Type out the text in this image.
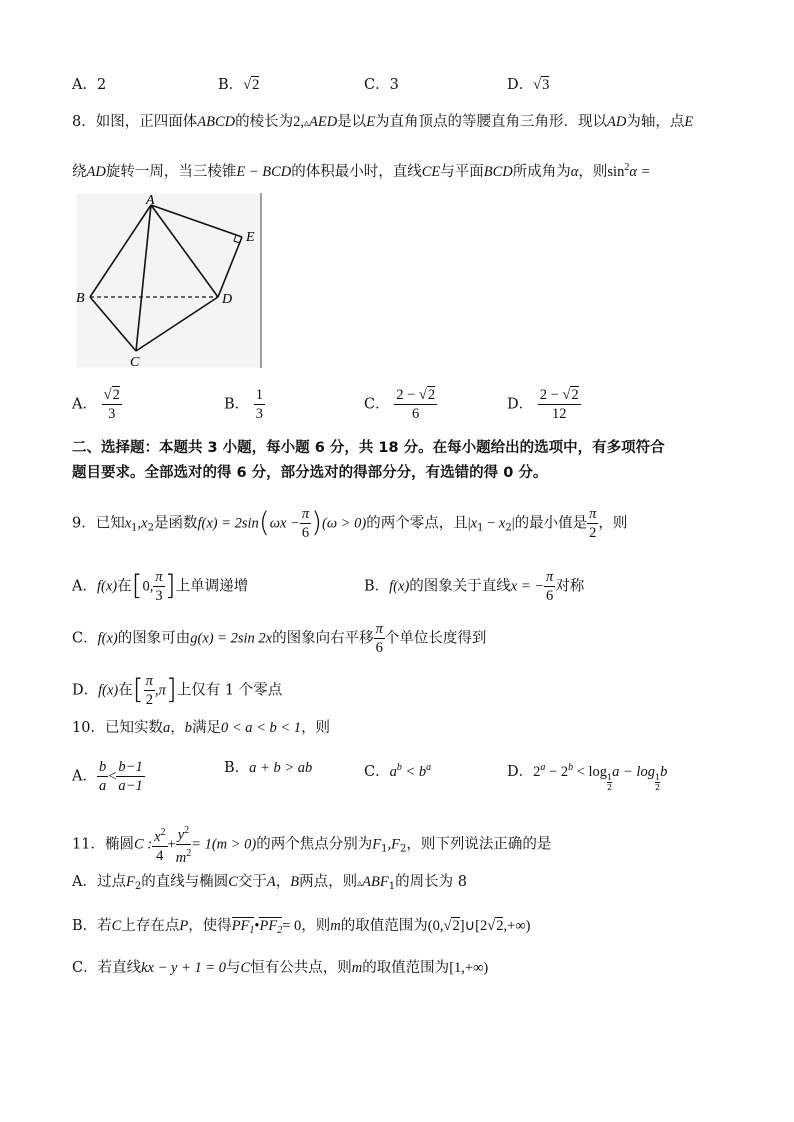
A．2	B．√2	C．3	D．√3
8．如图，正四面体ABCD的棱长为2,▵AED是以E为直角顶点的等腰直角三角形．现以AD为轴，点E
绕AD旋转一周，当三棱锥E − BCD的体积最小时，直线CE与平面BCD所成角为α，则$\sin^2\alpha$ =
A
B
C
D
E
A． $\frac{√2}{3}$	B． $\frac{1}{3}$	C． $\frac{2 - √2}{6}$	D． $\frac{2 - √2}{12}$
二、选择题：本题共 3 小题，每小题 6 分，共 18 分。在每小题给出的选项中，有多项符合
题目要求。全部选对的得 6 分，部分选对的得部分分，有选错的得 0 分。
9．已知$x_1,x_2$是函数$f(x) = 2\sin(\omega x - \frac{\pi}{6} )(\omega > 0)$的两个零点，且$|x_1 - x_2|$的最小值是 $\frac{\pi}{2}$ ，则
A．f(x)在[0, $\frac{\pi}{3}$ ]上单调递增	B．f(x)的图象关于直线x = − $\frac{\pi}{6}$ 对称
C．f(x)的图象可由g(x) = 2sin 2x的图象向右平移 $\frac{\pi}{6}$ 个单位长度得到
D．f(x)在[ $\frac{\pi}{2} ,\pi$]上仅有 1 个零点
10．已知实数a，b满足0 < a < b < 1，则
A． $\frac{b}{a} < \frac{b-1}{a-1}$	B．a + b > ab	C．$a^b < b^a$	D．$2^a - 2^b < \log$
$\frac{1}{2}$
a − log
$\frac{1}{2}$
b
11．椭圆C : $\frac{x^2}{4} + \frac{y^2}{m^2} = 1(m > 0)$的两个焦点分别为$F_1,F_2$，则下列说法正确的是
A．过点$F_2$的直线与椭圆C交于A，B两点，则$▵ABF_1$的周长为 8
B．若C上存在点P，使得$PF_1•PF_2= 0$，则m的取值范围为(0,√2]∪[2√2,+∞)
C．若直线kx − y + 1 = 0与C恒有公共点，则m的取值范围为[1,+∞)
